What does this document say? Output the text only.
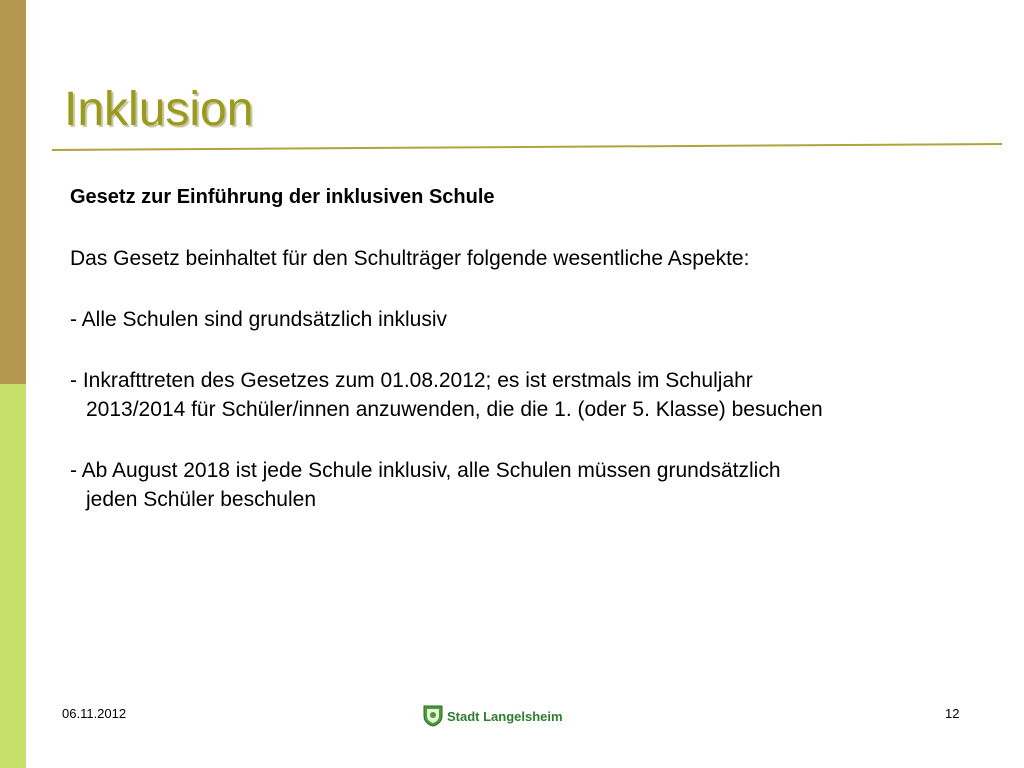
Inklusion

Gesetz zur Einführung der inklusiven Schule

Das Gesetz beinhaltet für den Schulträger folgende wesentliche Aspekte:

- Alle Schulen sind grundsätzlich inklusiv

- Inkrafttreten des Gesetzes zum 01.08.2012; es ist erstmals im Schuljahr

2013/2014 für Schüler/innen anzuwenden, die die 1. (oder 5. Klasse) besuchen

- Ab August 2018 ist jede Schule inklusiv, alle Schulen müssen grundsätzlich

jeden Schüler beschulen

06.11.2012	Stadt Langelsheim	12
